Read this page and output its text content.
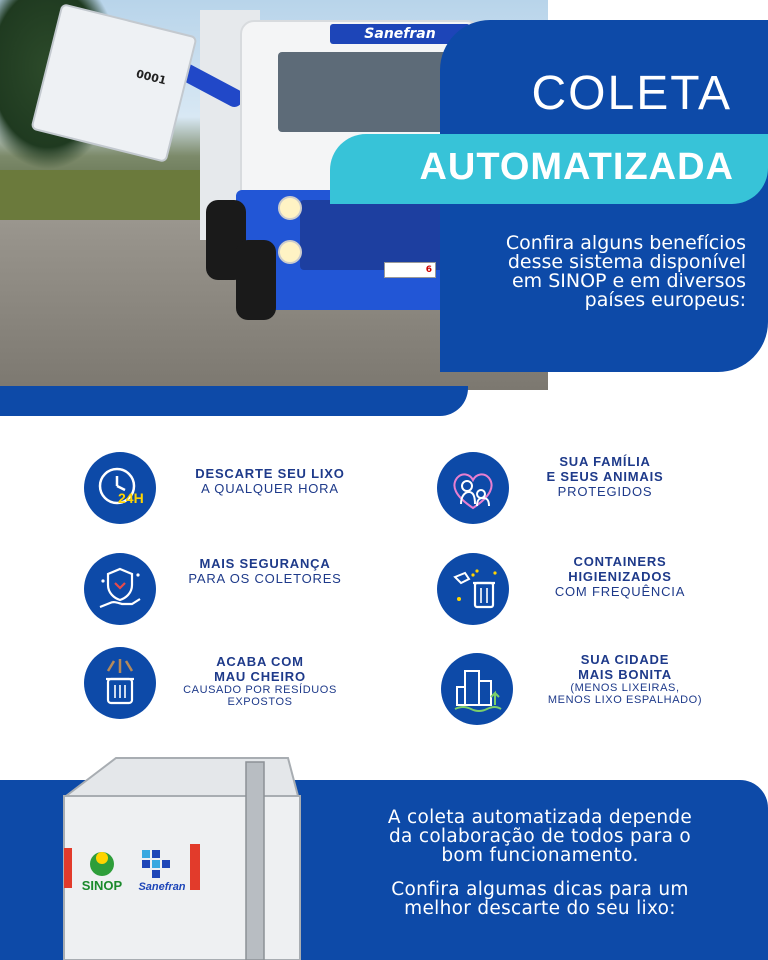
0001
Sanefran
6
COLETA
AUTOMATIZADA
Confira alguns benefícios
desse sistema disponível
em SINOP e em diversos
países europeus:
24H
DESCARTE SEU LIXO
A QUALQUER HORA
SUA FAMÍLIA
E SEUS ANIMAIS
PROTEGIDOS
MAIS SEGURANÇA
PARA OS COLETORES
CONTAINERS
HIGIENIZADOS
COM FREQUÊNCIA
ACABA COM
MAU CHEIRO
CAUSADO POR RESÍDUOS
EXPOSTOS
SUA CIDADE
MAIS BONITA
(MENOS LIXEIRAS,
MENOS LIXO ESPALHADO)
SINOP Sanefran
A coleta automatizada depende
da colaboração de todos para o
bom funcionamento.
Confira algumas dicas para um
melhor descarte do seu lixo:
